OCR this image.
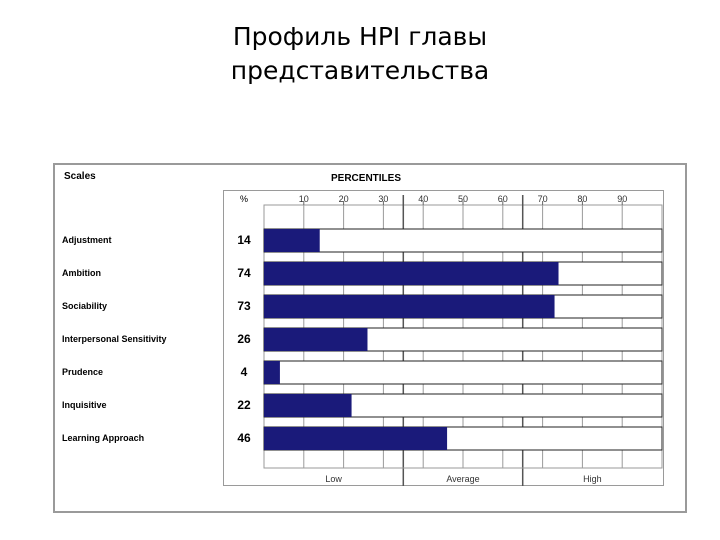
Профиль HPI главы
представительства
Scales	PERCENTILES
Adjustment	14
Ambition	74
Sociability	73
Interpersonal Sensitivity	26
Prudence	4
Inquisitive	22
Learning Approach	46
%	10	20	30	40	50	60	70	80	90
Low	Average	High
